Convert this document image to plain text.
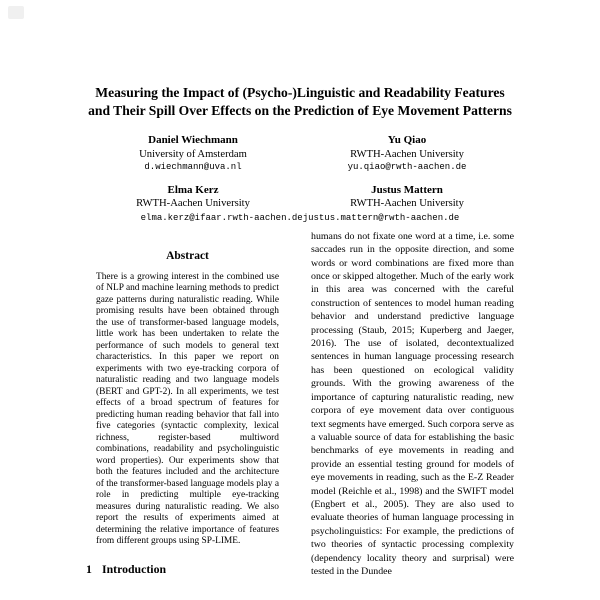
Measuring the Impact of (Psycho-)Linguistic and Readability Features and Their Spill Over Effects on the Prediction of Eye Movement Patterns
Daniel Wiechmann
University of Amsterdam
d.wiechmann@uva.nl
Yu Qiao
RWTH-Aachen University
yu.qiao@rwth-aachen.de
Elma Kerz
RWTH-Aachen University
Justus Mattern
RWTH-Aachen University
elma.kerz@ifaar.rwth-aachen.dejustus.mattern@rwth-aachen.de
Abstract
There is a growing interest in the combined use of NLP and machine learning methods to predict gaze patterns during naturalistic reading. While promising results have been obtained through the use of transformer-based language models, little work has been undertaken to relate the performance of such models to general text characteristics. In this paper we report on experiments with two eye-tracking corpora of naturalistic reading and two language models (BERT and GPT-2). In all experiments, we test effects of a broad spectrum of features for predicting human reading behavior that fall into five categories (syntactic complexity, lexical richness, register-based multiword combinations, readability and psycholinguistic word properties). Our experiments show that both the features included and the architecture of the transformer-based language models play a role in predicting multiple eye-tracking measures during naturalistic reading. We also report the results of experiments aimed at determining the relative importance of features from different groups using SP-LIME.
1 Introduction
humans do not fixate one word at a time, i.e. some saccades run in the opposite direction, and some words or word combinations are fixed more than once or skipped altogether. Much of the early work in this area was concerned with the careful construction of sentences to model human reading behavior and understand predictive language processing (Staub, 2015; Kuperberg and Jaeger, 2016). The use of isolated, decontextualized sentences in human language processing research has been questioned on ecological validity grounds. With the growing awareness of the importance of capturing naturalistic reading, new corpora of eye movement data over contiguous text segments have emerged. Such corpora serve as a valuable source of data for establishing the basic benchmarks of eye movements in reading and provide an essential testing ground for models of eye movements in reading, such as the E-Z Reader model (Reichle et al., 1998) and the SWIFT model (Engbert et al., 2005). They are also used to evaluate theories of human language processing in psycholinguistics: For example, the predictions of two theories of syntactic processing complexity (dependency locality theory and surprisal) were tested in the Dundee
